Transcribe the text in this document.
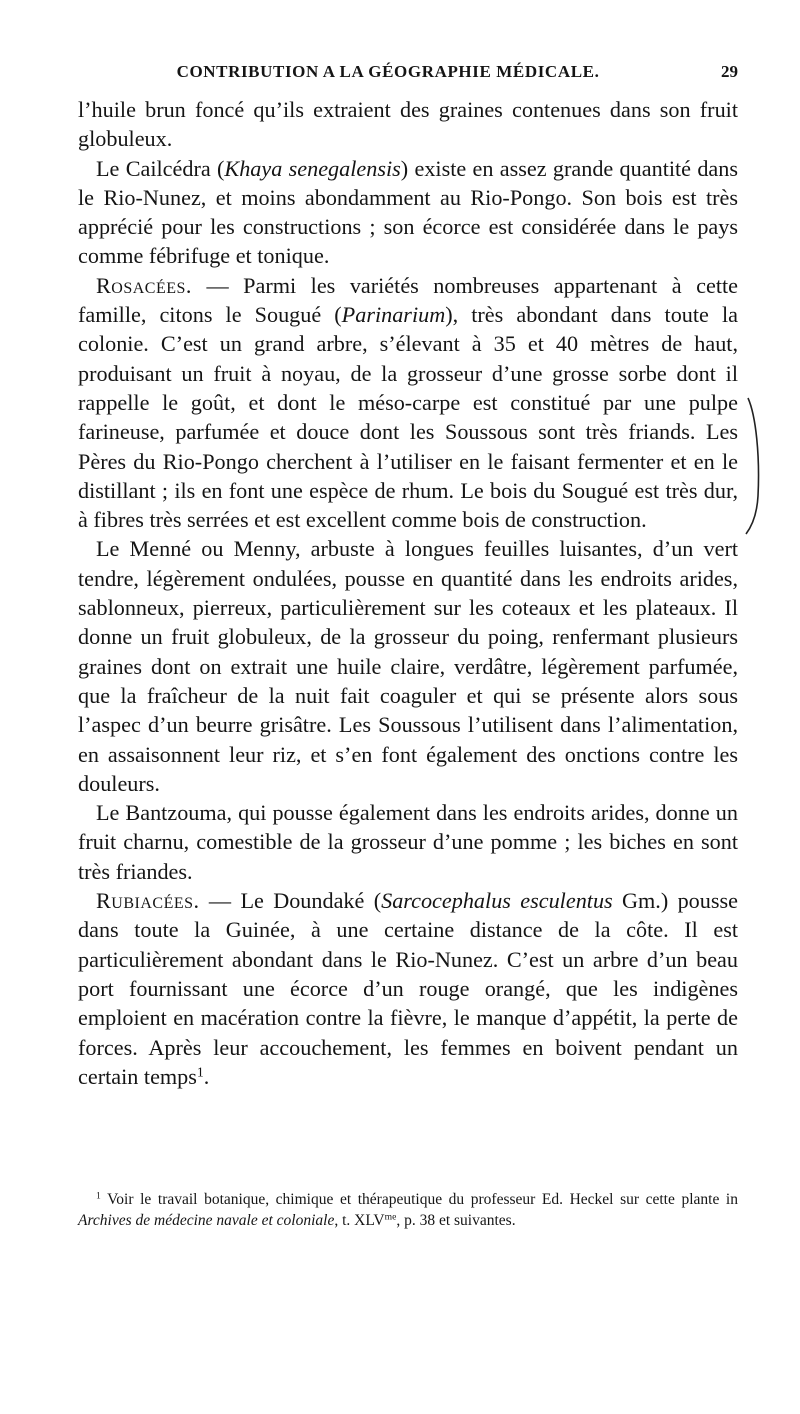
CONTRIBUTION A LA GÉOGRAPHIE MÉDICALE.	29

l’huile brun foncé qu’ils extraient des graines contenues dans son fruit globuleux.

Le Cailcédra (Khaya senegalensis) existe en assez grande quantité dans le Rio-Nunez, et moins abondamment au Rio-Pongo. Son bois est très apprécié pour les constructions ; son écorce est considérée dans le pays comme fébrifuge et tonique.

Rosacées. — Parmi les variétés nombreuses appartenant à cette famille, citons le Sougué (Parinarium), très abondant dans toute la colonie. C’est un grand arbre, s’élevant à 35 et 40 mètres de haut, produisant un fruit à noyau, de la grosseur d’une grosse sorbe dont il rappelle le goût, et dont le méso-carpe est constitué par une pulpe farineuse, parfumée et douce dont les Soussous sont très friands. Les Pères du Rio-Pongo cherchent à l’utiliser en le faisant fermenter et en le distillant ; ils en font une espèce de rhum. Le bois du Sougué est très dur, à fibres très serrées et est excellent comme bois de construction.

Le Menné ou Menny, arbuste à longues feuilles luisantes, d’un vert tendre, légèrement ondulées, pousse en quantité dans les endroits arides, sablonneux, pierreux, particulièrement sur les coteaux et les plateaux. Il donne un fruit globuleux, de la grosseur du poing, renfermant plusieurs graines dont on extrait une huile claire, verdâtre, légèrement parfumée, que la fraîcheur de la nuit fait coaguler et qui se présente alors sous l’aspec d’un beurre grisâtre. Les Soussous l’utilisent dans l’alimentation, en assaisonnent leur riz, et s’en font également des onctions contre les douleurs.

Le Bantzouma, qui pousse également dans les endroits arides, donne un fruit charnu, comestible de la grosseur d’une pomme ; les biches en sont très friandes.

Rubiacées. — Le Doundaké (Sarcocephalus esculentus Gm.) pousse dans toute la Guinée, à une certaine distance de la côte. Il est particulièrement abondant dans le Rio-Nunez. C’est un arbre d’un beau port fournissant une écorce d’un rouge orangé, que les indigènes emploient en macération contre la fièvre, le manque d’appétit, la perte de forces. Après leur accouchement, les femmes en boivent pendant un certain temps$^1$.

$^1$ Voir le travail botanique, chimique et thérapeutique du professeur Ed. Heckel sur cette plante in Archives de médecine navale et coloniale, t. $XLV^{me}$, p. 38 et suivantes.
